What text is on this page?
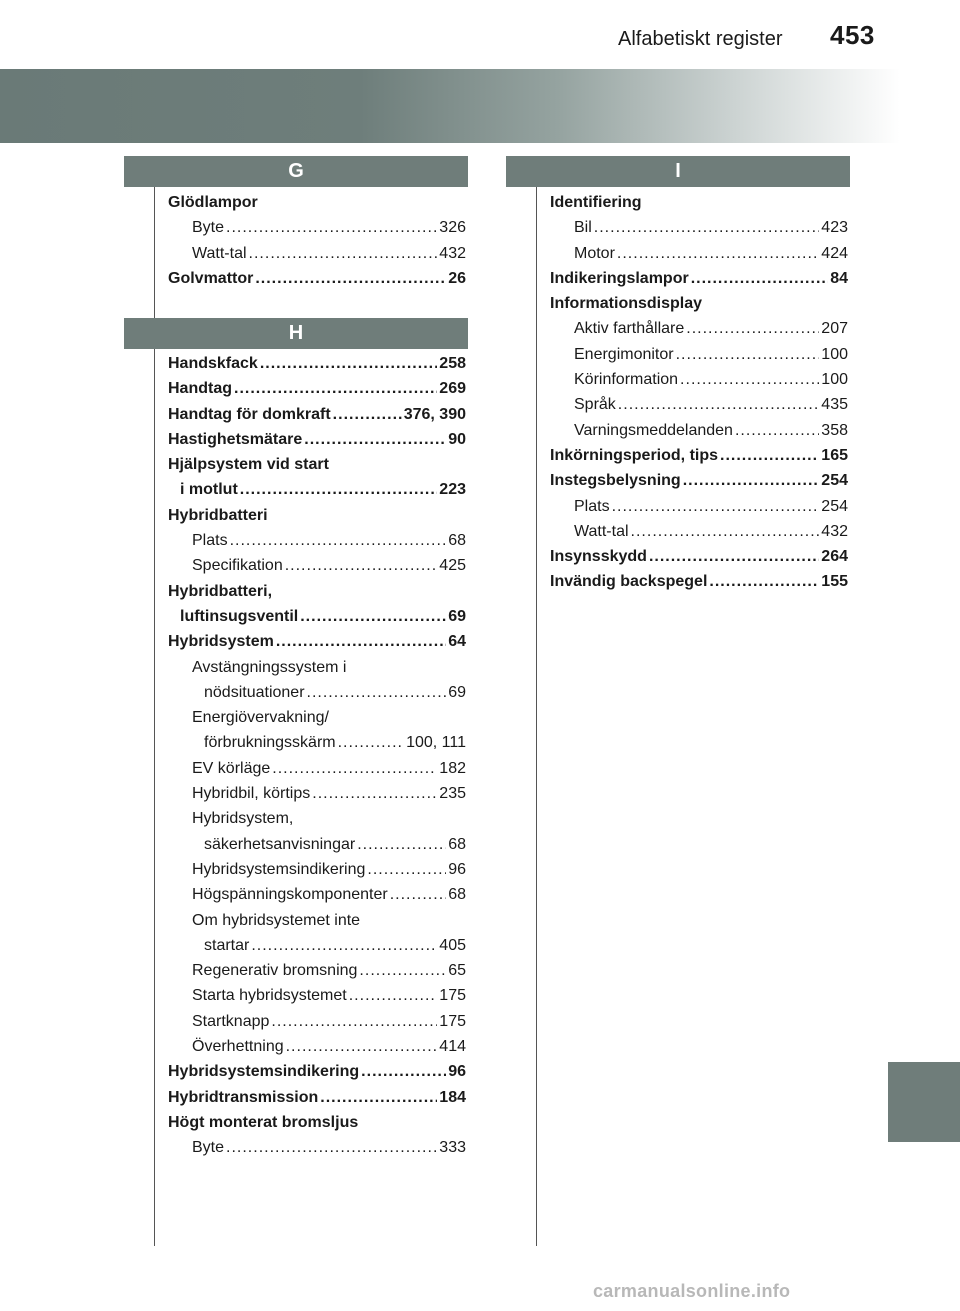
Alfabetiskt register 453
G
Glödlampor
Byte .....	326
Watt-tal .....	432
Golvmattor .....	26
H
Handskfack .....	258
Handtag .....	269
Handtag för domkraft .....	376, 390
Hastighetsmätare .....	90
Hjälpsystem vid start
i motlut .....	223
Hybridbatteri
Plats .....	68
Specifikation .....	425
Hybridbatteri,
luftinsugsventil .....	69
Hybridsystem .....	64
Avstängningssystem i
nödsituationer .....	69
Energiövervakning/
förbrukningsskärm .....	100, 111
EV körläge .....	182
Hybridbil, körtips .....	235
Hybridsystem,
säkerhetsanvisningar .....	68
Hybridsystemsindikering .....	96
Högspänningskomponenter .....	68
Om hybridsystemet inte
startar .....	405
Regenerativ bromsning .....	65
Starta hybridsystemet .....	175
Startknapp .....	175
Överhettning .....	414
Hybridsystemsindikering .....	96
Hybridtransmission .....	184
Högt monterat bromsljus
Byte .....	333
I
Identifiering
Bil .....	423
Motor .....	424
Indikeringslampor .....	84
Informationsdisplay
Aktiv farthållare .....	207
Energimonitor .....	100
Körinformation .....	100
Språk .....	435
Varningsmeddelanden .....	358
Inkörningsperiod, tips .....	165
Instegsbelysning .....	254
Plats .....	254
Watt-tal .....	432
Insynsskydd .....	264
Invändig backspegel .....	155
carmanualsonline.info
